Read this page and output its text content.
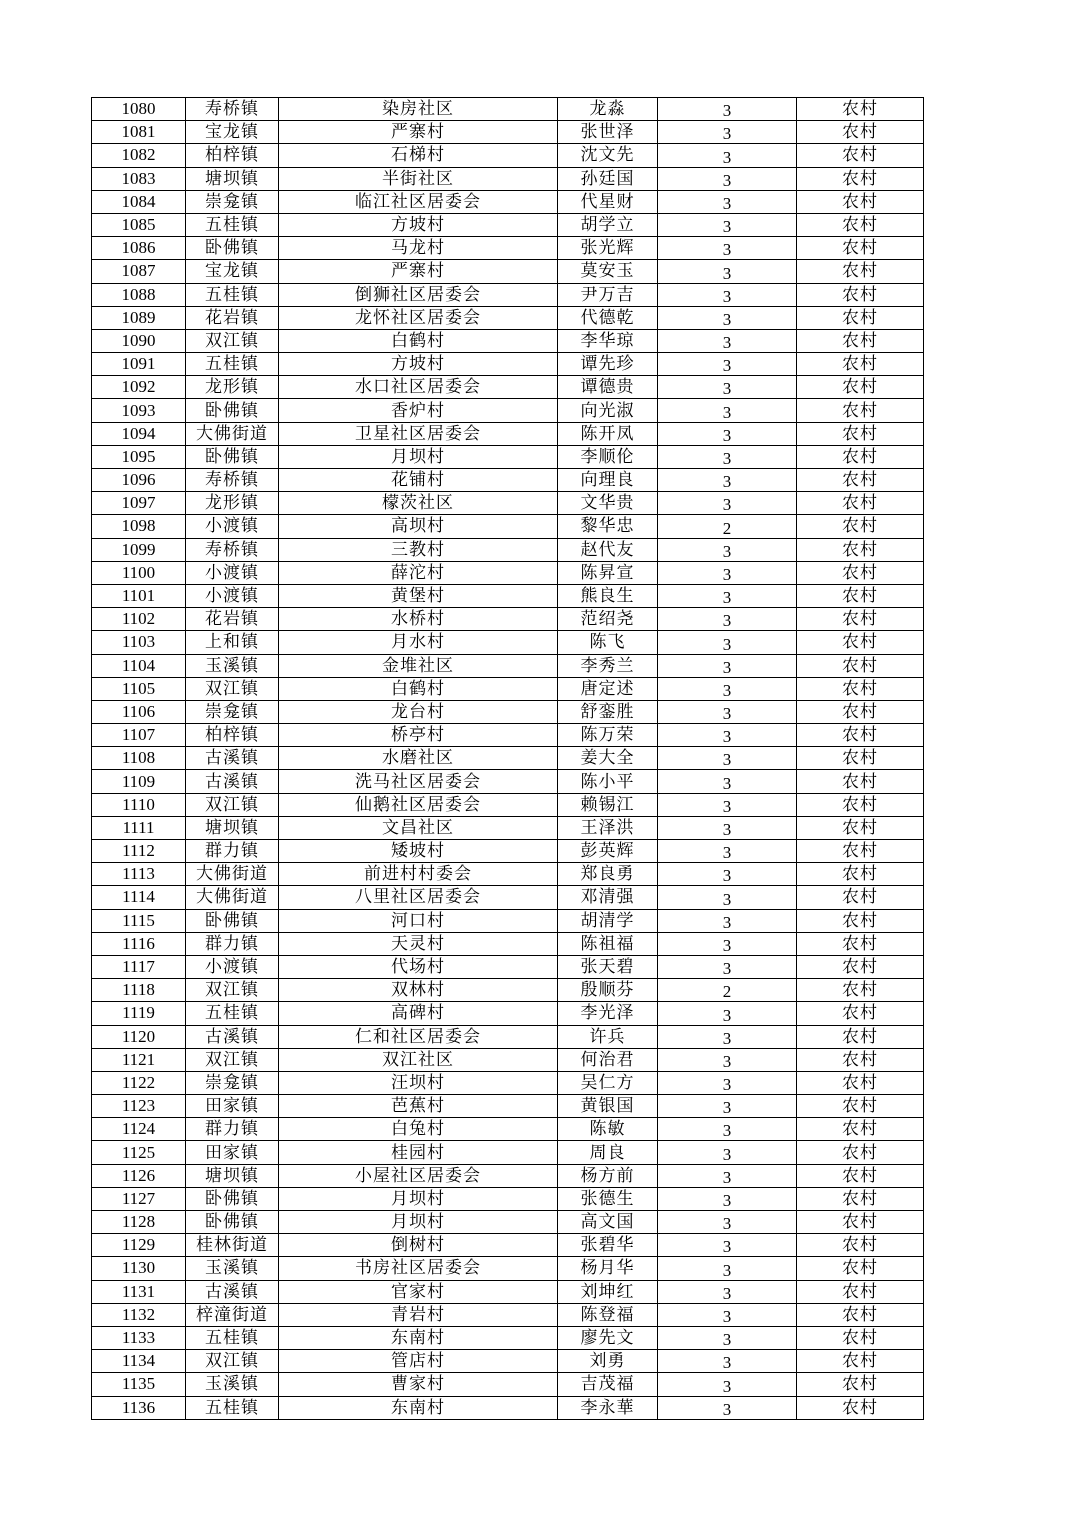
1080	寿桥镇	染房社区	龙淼	3	农村
1081	宝龙镇	严寨村	张世泽	3	农村
1082	柏梓镇	石梯村	沈文先	3	农村
1083	塘坝镇	半街社区	孙廷国	3	农村
1084	崇龛镇	临江社区居委会	代星财	3	农村
1085	五桂镇	方坡村	胡学立	3	农村
1086	卧佛镇	马龙村	张光辉	3	农村
1087	宝龙镇	严寨村	莫安玉	3	农村
1088	五桂镇	倒狮社区居委会	尹万吉	3	农村
1089	花岩镇	龙怀社区居委会	代德乾	3	农村
1090	双江镇	白鹤村	李华琼	3	农村
1091	五桂镇	方坡村	谭先珍	3	农村
1092	龙形镇	水口社区居委会	谭德贵	3	农村
1093	卧佛镇	香炉村	向光淑	3	农村
1094	大佛街道	卫星社区居委会	陈开凤	3	农村
1095	卧佛镇	月坝村	李顺伦	3	农村
1096	寿桥镇	花铺村	向理良	3	农村
1097	龙形镇	檬茨社区	文华贵	3	农村
1098	小渡镇	高坝村	黎华忠	2	农村
1099	寿桥镇	三教村	赵代友	3	农村
1100	小渡镇	薛沱村	陈昇宣	3	农村
1101	小渡镇	黄堡村	熊良生	3	农村
1102	花岩镇	水桥村	范绍尧	3	农村
1103	上和镇	月水村	陈飞	3	农村
1104	玉溪镇	金堆社区	李秀兰	3	农村
1105	双江镇	白鹤村	唐定述	3	农村
1106	崇龛镇	龙台村	舒銮胜	3	农村
1107	柏梓镇	桥亭村	陈万荣	3	农村
1108	古溪镇	水磨社区	姜大全	3	农村
1109	古溪镇	洗马社区居委会	陈小平	3	农村
1110	双江镇	仙鹅社区居委会	赖锡江	3	农村
1111	塘坝镇	文昌社区	王泽洪	3	农村
1112	群力镇	矮坡村	彭英辉	3	农村
1113	大佛街道	前进村村委会	郑良勇	3	农村
1114	大佛街道	八里社区居委会	邓清强	3	农村
1115	卧佛镇	河口村	胡清学	3	农村
1116	群力镇	天灵村	陈祖福	3	农村
1117	小渡镇	代场村	张天碧	3	农村
1118	双江镇	双林村	殷顺芬	2	农村
1119	五桂镇	高碑村	李光泽	3	农村
1120	古溪镇	仁和社区居委会	许兵	3	农村
1121	双江镇	双江社区	何治君	3	农村
1122	崇龛镇	汪坝村	吴仁方	3	农村
1123	田家镇	芭蕉村	黄银国	3	农村
1124	群力镇	白兔村	陈敏	3	农村
1125	田家镇	桂园村	周良	3	农村
1126	塘坝镇	小屋社区居委会	杨方前	3	农村
1127	卧佛镇	月坝村	张德生	3	农村
1128	卧佛镇	月坝村	高文国	3	农村
1129	桂林街道	倒树村	张碧华	3	农村
1130	玉溪镇	书房社区居委会	杨月华	3	农村
1131	古溪镇	官家村	刘坤红	3	农村
1132	梓潼街道	青岩村	陈登福	3	农村
1133	五桂镇	东南村	廖先文	3	农村
1134	双江镇	管店村	刘勇	3	农村
1135	玉溪镇	曹家村	吉茂福	3	农村
1136	五桂镇	东南村	李永華	3	农村
